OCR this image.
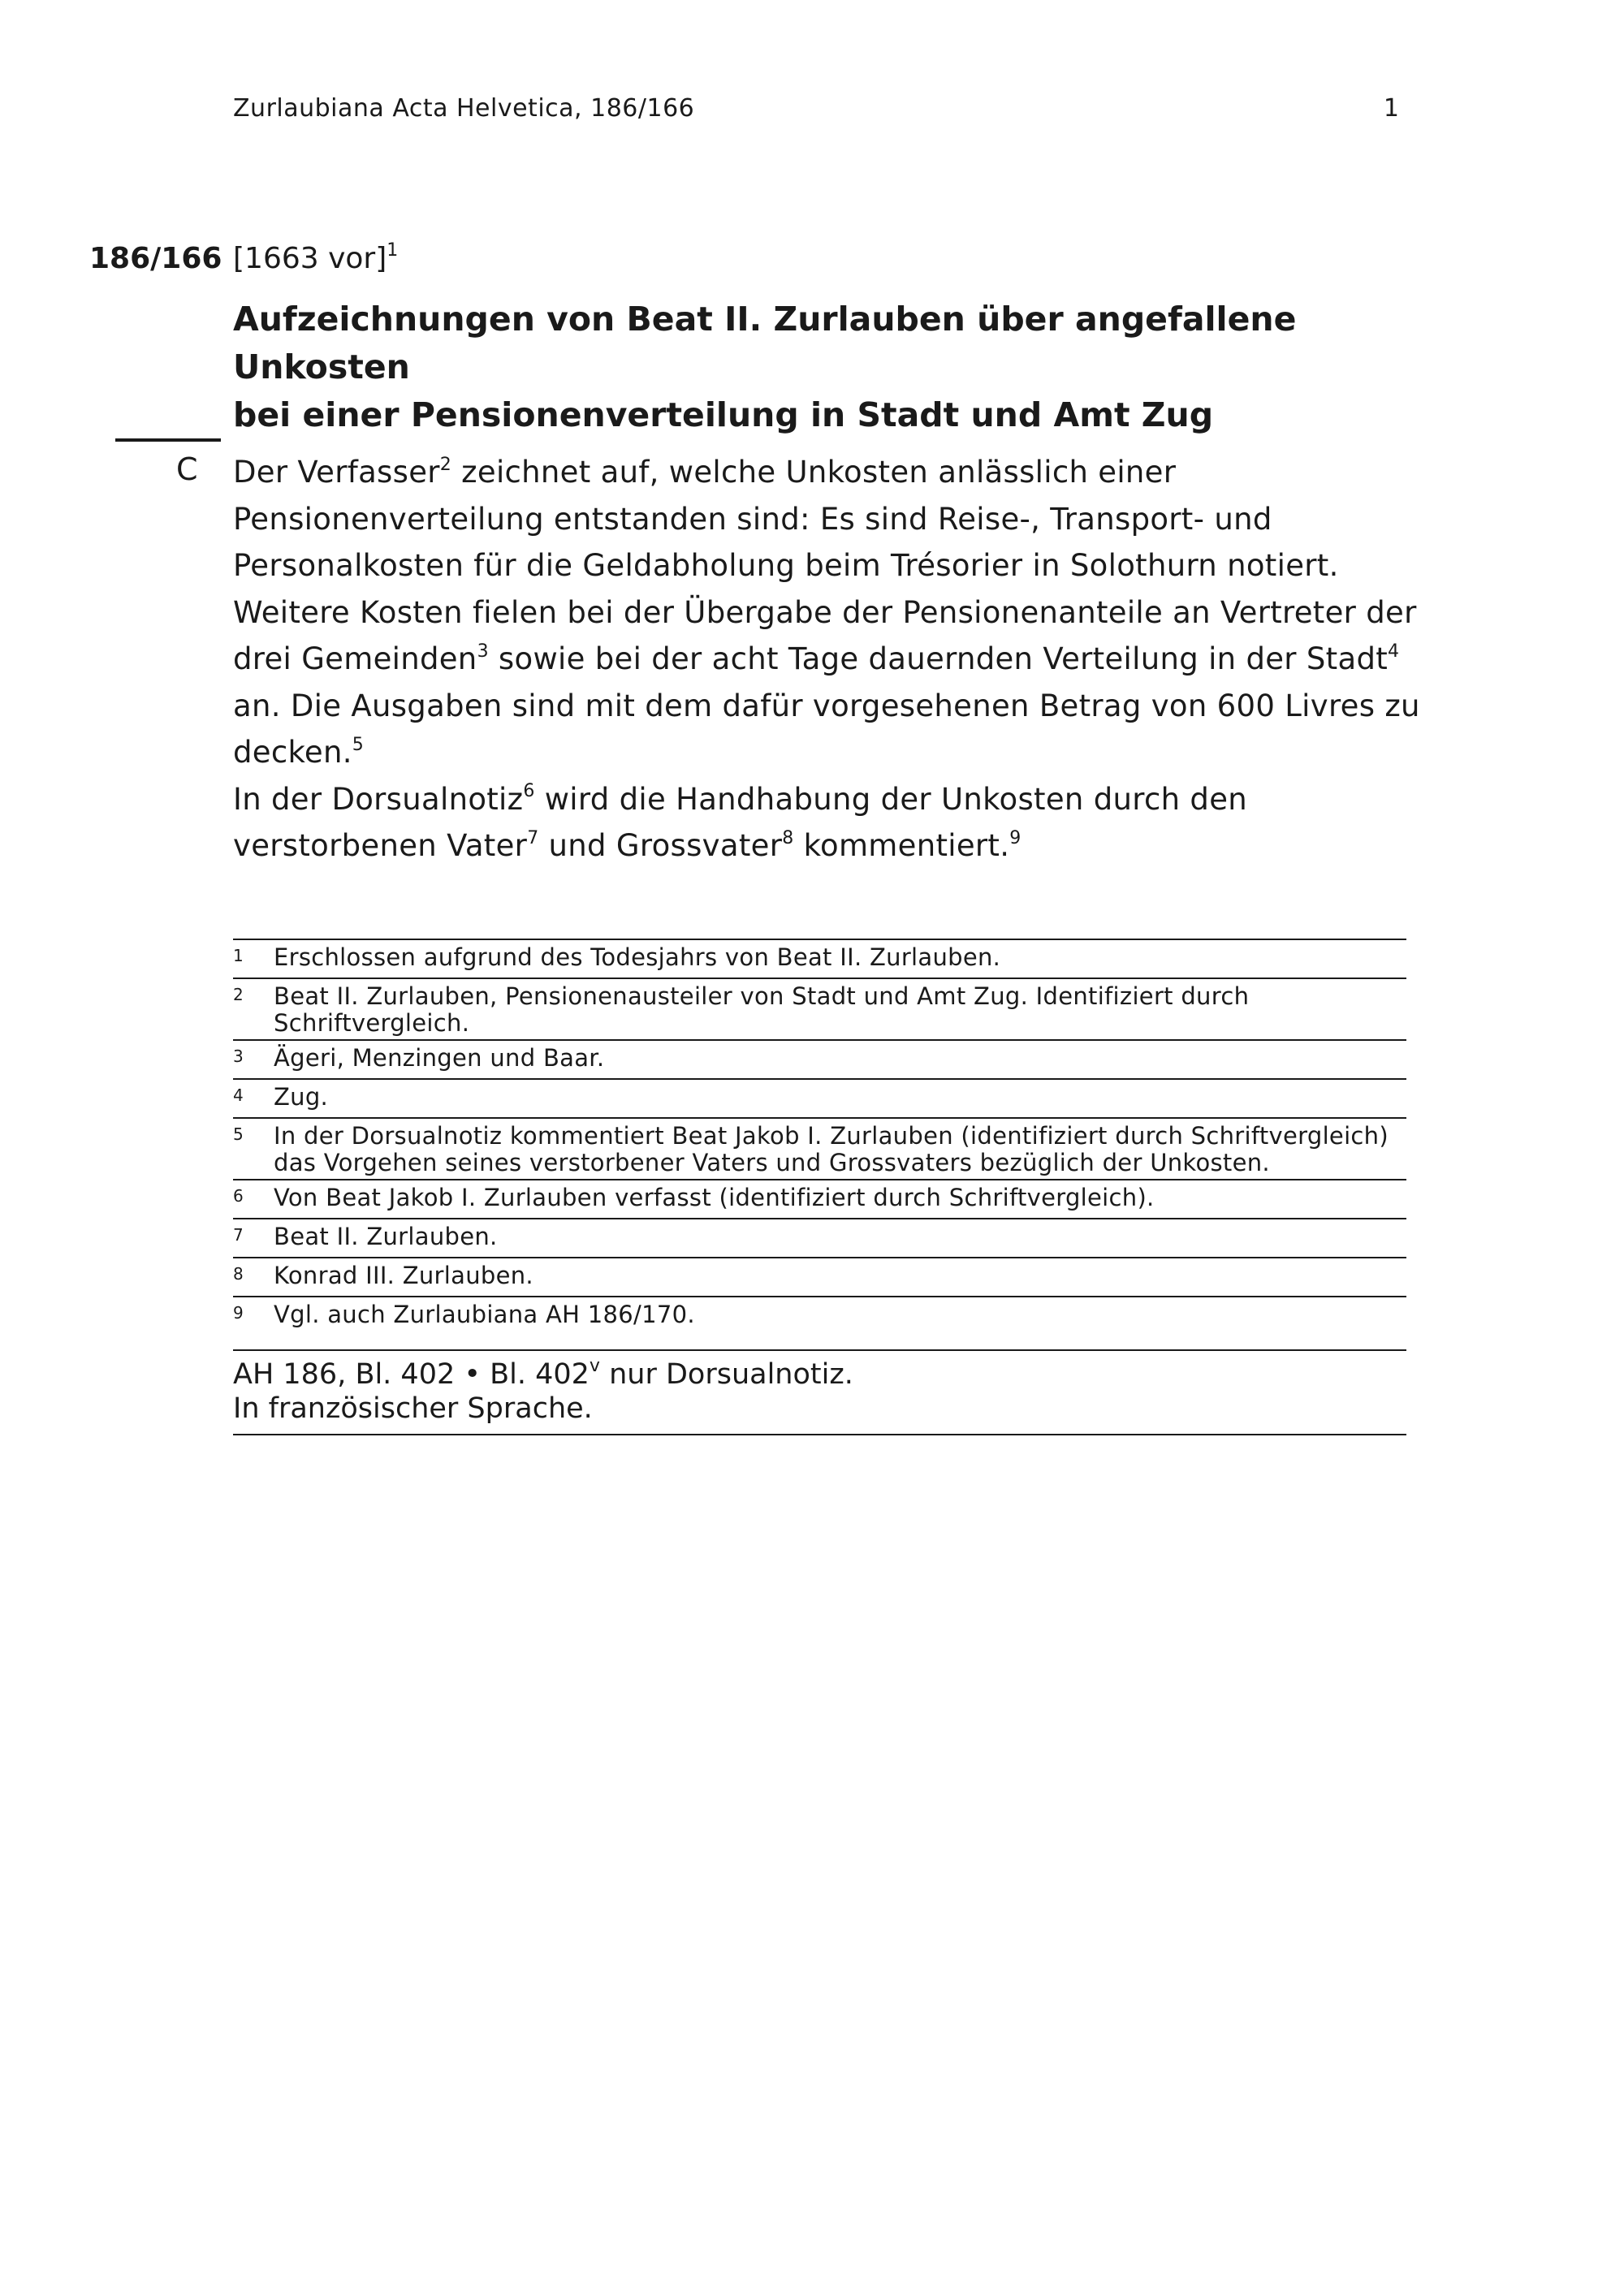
Zurlaubiana Acta Helvetica, 186/166	1
186/166 [1663 vor]$^1$
Aufzeichnungen von Beat II. Zurlauben über angefallene Unkosten
bei einer Pensionenverteilung in Stadt und Amt Zug
C Der Verfasser$^2$ zeichnet auf, welche Unkosten anlässlich einer Pensionenverteilung entstanden sind: Es sind Reise-, Transport- und Personalkosten für die Geldabholung beim Trésorier in Solothurn notiert. Weitere Kosten fielen bei der Übergabe der Pensionenanteile an Vertreter der drei Gemeinden$^3$ sowie bei der acht Tage dauernden Verteilung in der Stadt$^4$ an. Die Ausgaben sind mit dem dafür vorgesehenen Betrag von 600 Livres zu decken.$^5$

In der Dorsualnotiz$^6$ wird die Handhabung der Unkosten durch den verstorbenen Vater$^7$ und Grossvater$^8$ kommentiert.$^9$

1	Erschlossen aufgrund des Todesjahrs von Beat II. Zurlauben.
2	Beat II. Zurlauben, Pensionenausteiler von Stadt und Amt Zug. Identifiziert durch Schriftvergleich.
3	Ägeri, Menzingen und Baar.
4	Zug.
5	In der Dorsualnotiz kommentiert Beat Jakob I. Zurlauben (identifiziert durch Schriftvergleich) das Vorgehen seines verstorbener Vaters und Grossvaters bezüglich der Unkosten.
6	Von Beat Jakob I. Zurlauben verfasst (identifiziert durch Schriftvergleich).
7	Beat II. Zurlauben.
8	Konrad III. Zurlauben.
9	Vgl. auch Zurlaubiana AH 186/170.
AH 186, Bl. 402 • Bl. 402$^v$ nur Dorsualnotiz.
In französischer Sprache.
